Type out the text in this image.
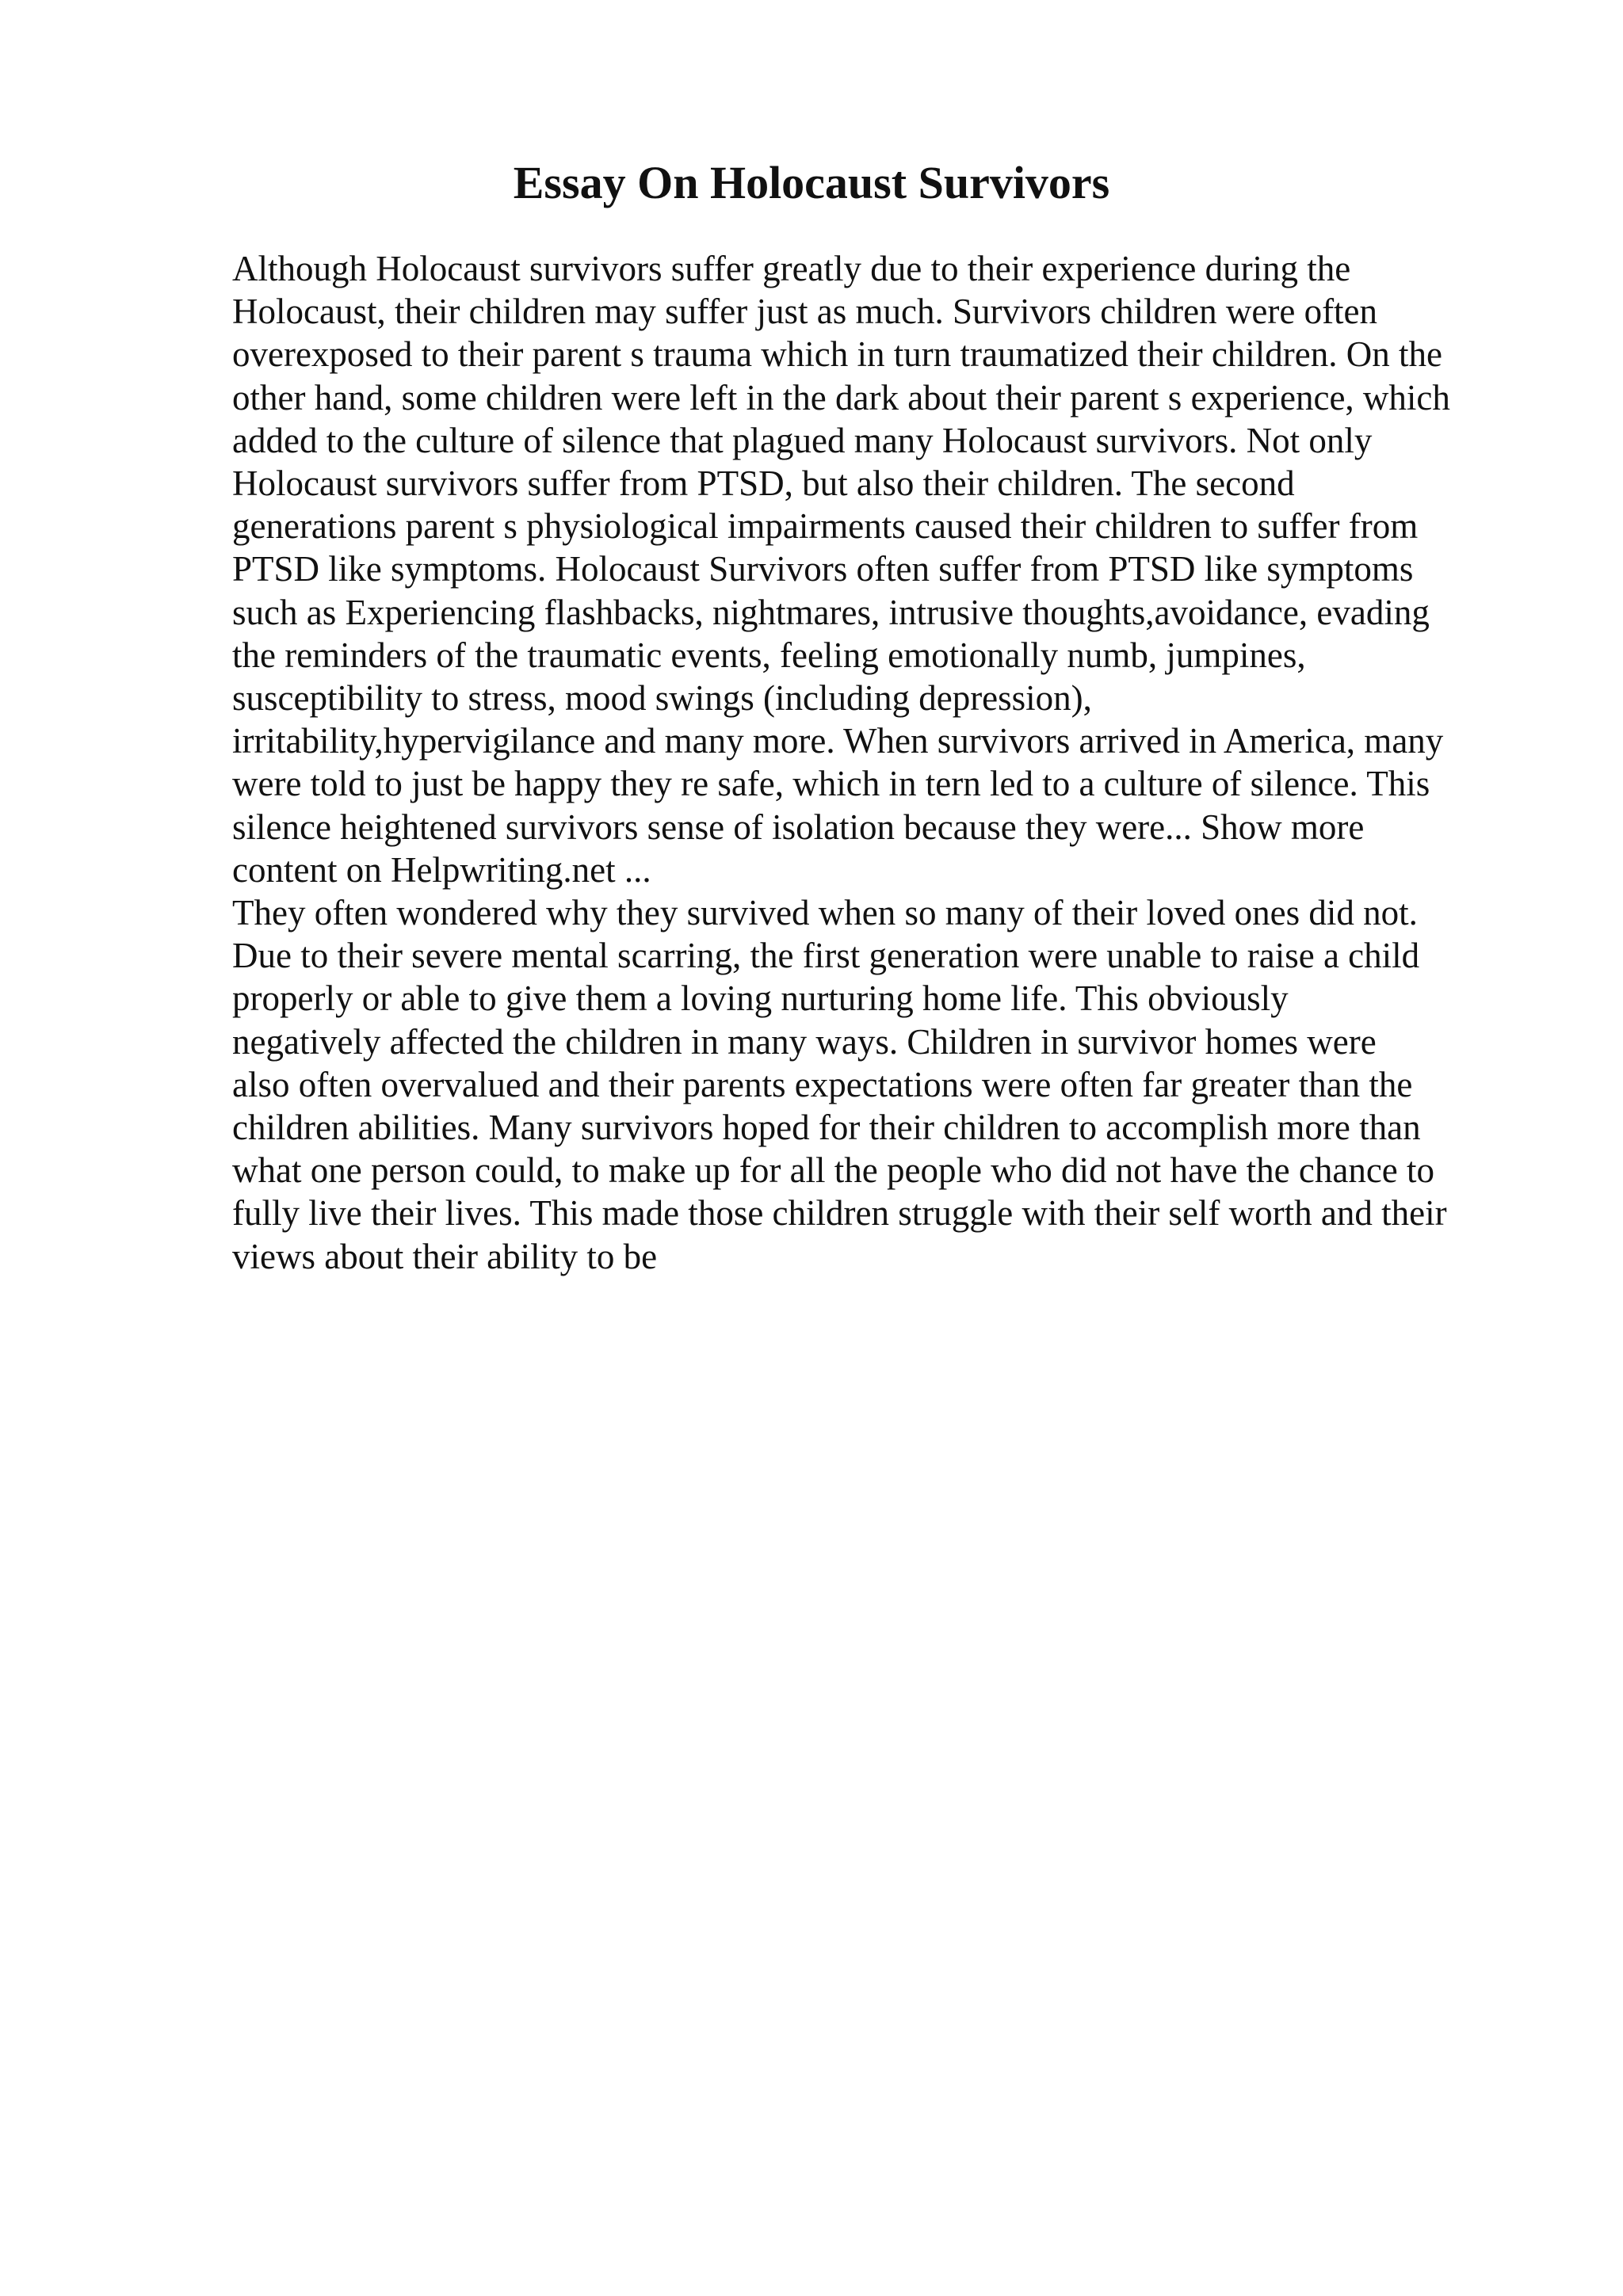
Essay On Holocaust Survivors
Although Holocaust survivors suffer greatly due to their experience during the
Holocaust, their children may suffer just as much. Survivors children were often
overexposed to their parent s trauma which in turn traumatized their children. On the
other hand, some children were left in the dark about their parent s experience, which
added to the culture of silence that plagued many Holocaust survivors. Not only
Holocaust survivors suffer from PTSD, but also their children. The second
generations parent s physiological impairments caused their children to suffer from
PTSD like symptoms. Holocaust Survivors often suffer from PTSD like symptoms
such as Experiencing flashbacks, nightmares, intrusive thoughts,avoidance, evading
the reminders of the traumatic events, feeling emotionally numb, jumpines,
susceptibility to stress, mood swings (including depression),
irritability,hypervigilance and many more. When survivors arrived in America, many
were told to just be happy they re safe, which in tern led to a culture of silence. This
silence heightened survivors sense of isolation because they were... Show more
content on Helpwriting.net ...
They often wondered why they survived when so many of their loved ones did not.
Due to their severe mental scarring, the first generation were unable to raise a child
properly or able to give them a loving nurturing home life. This obviously
negatively affected the children in many ways. Children in survivor homes were
also often overvalued and their parents expectations were often far greater than the
children abilities. Many survivors hoped for their children to accomplish more than
what one person could, to make up for all the people who did not have the chance to
fully live their lives. This made those children struggle with their self worth and their
views about their ability to be
